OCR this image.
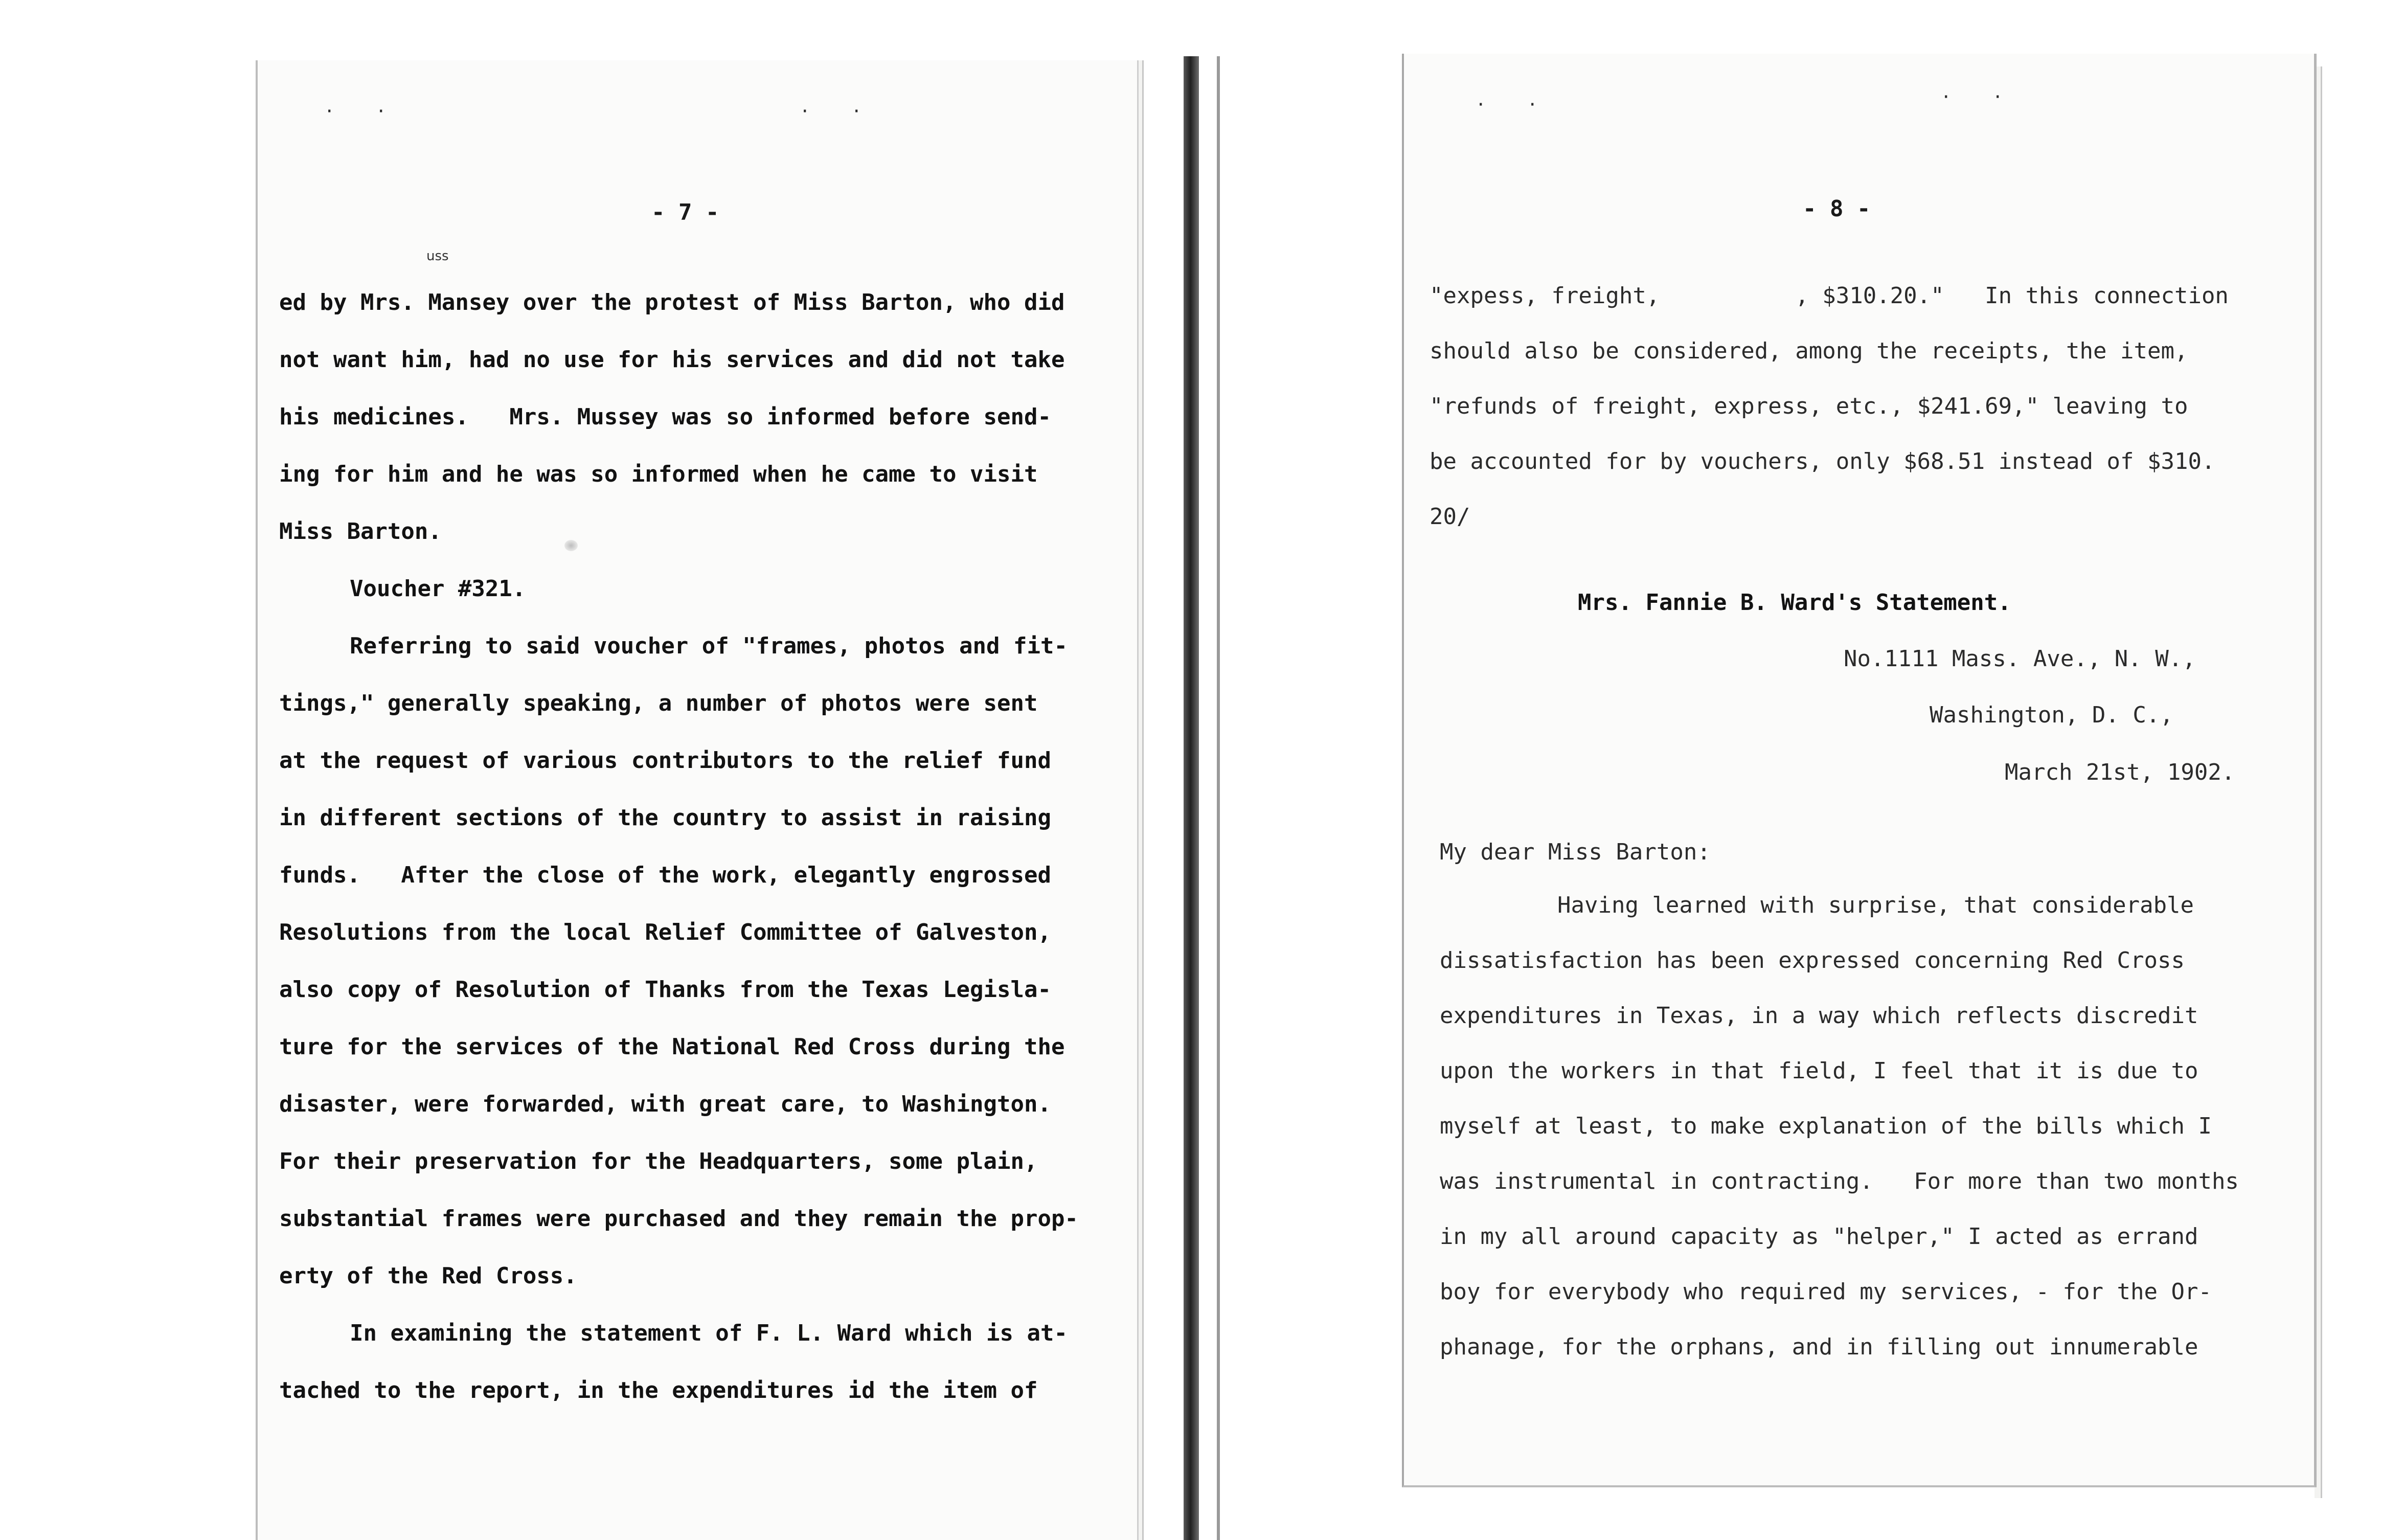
· ·	· ·
- 7 -
uss
ed by Mrs. Mansey over the protest of Miss Barton, who did
not want him, had no use for his services and did not take
his medicines.   Mrs. Mussey was so informed before send-
ing for him and he was so informed when he came to visit
Miss Barton.
Voucher #321.
Referring to said voucher of "frames, photos and fit-
tings," generally speaking, a number of photos were sent
at the request of various contributors to the relief fund
in different sections of the country to assist in raising
funds.   After the close of the work, elegantly engrossed
Resolutions from the local Relief Committee of Galveston,
also copy of Resolution of Thanks from the Texas Legisla-
ture for the services of the National Red Cross during the
disaster, were forwarded, with great care, to Washington.
For their preservation for the Headquarters, some plain,
substantial frames were purchased and they remain the prop-
erty of the Red Cross.
In examining the statement of F. L. Ward which is at-
tached to the report, in the expenditures id the item of
· ·	· ·
- 8 -
"expess, freight,          , $310.20."   In this connection
should also be considered, among the receipts, the item,
"refunds of freight, express, etc., $241.69," leaving to
be accounted for by vouchers, only $68.51 instead of $310.
20/
Mrs. Fannie B. Ward's Statement.
No.1111 Mass. Ave., N. W.,
Washington, D. C.,
March 21st, 1902.
My dear Miss Barton:
Having learned with surprise, that considerable
dissatisfaction has been expressed concerning Red Cross
expenditures in Texas, in a way which reflects discredit
upon the workers in that field, I feel that it is due to
myself at least, to make explanation of the bills which I
was instrumental in contracting.   For more than two months
in my all around capacity as "helper," I acted as errand
boy for everybody who required my services, - for the Or-
phanage, for the orphans, and in filling out innumerable
